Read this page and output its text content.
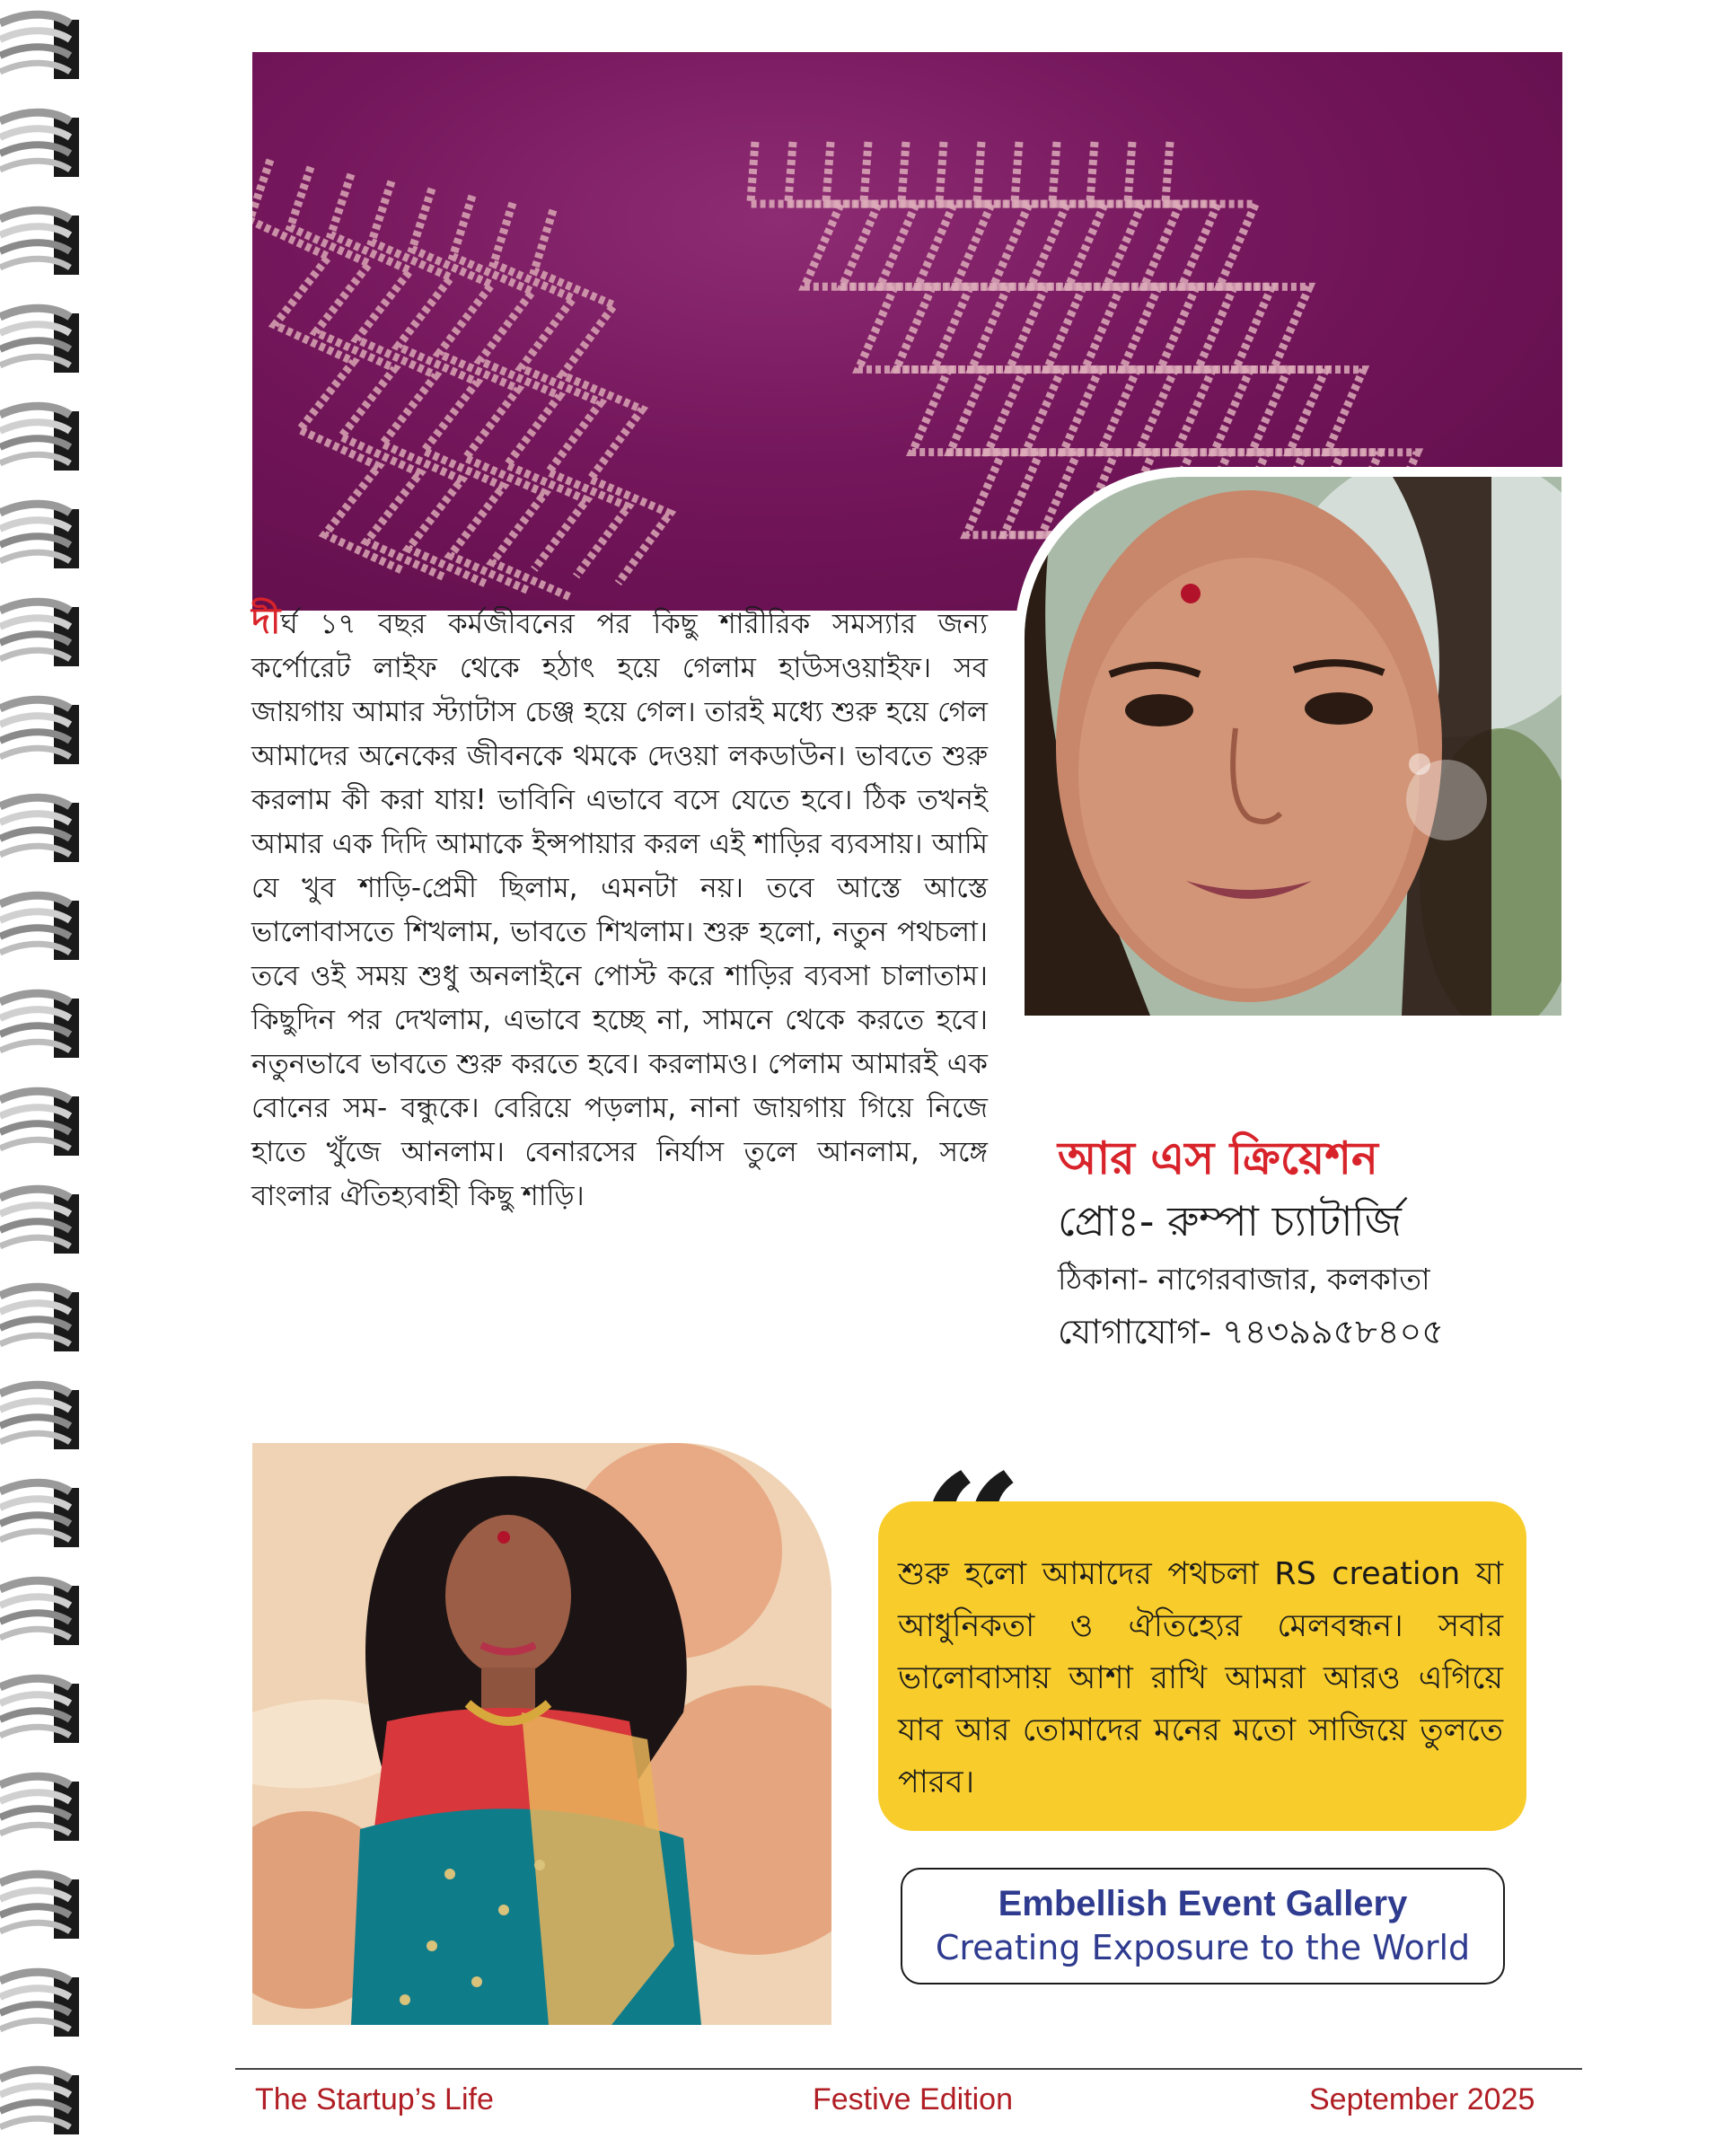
দীর্ঘ ১৭ বছর কর্মজীবনের পর কিছু শারীরিক সমস্যার জন্য কর্পোরেট লাইফ থেকে হঠাৎ হয়ে গেলাম হাউসওয়াইফ। সব জায়গায় আমার স্ট্যাটাস চেঞ্জ হয়ে গেল। তারই মধ্যে শুরু হয়ে গেল আমাদের অনেকের জীবনকে থমকে দেওয়া লকডাউন। ভাবতে শুরু করলাম কী করা যায়! ভাবিনি এভাবে বসে যেতে হবে। ঠিক তখনই আমার এক দিদি আমাকে ইন্সপায়ার করল এই শাড়ির ব্যবসায়। আমি যে খুব শাড়ি-প্রেমী ছিলাম, এমনটা নয়। তবে আস্তে আস্তে ভালোবাসতে শিখলাম, ভাবতে শিখলাম। শুরু হলো, নতুন পথচলা। তবে ওই সময় শুধু অনলাইনে পোস্ট করে শাড়ির ব্যবসা চালাতাম। কিছুদিন পর দেখলাম, এভাবে হচ্ছে না, সামনে থেকে করতে হবে। নতুনভাবে ভাবতে শুরু করতে হবে। করলামও। পেলাম আমারই এক বোনের সম- বন্ধুকে। বেরিয়ে পড়লাম, নানা জায়গায় গিয়ে নিজে হাতে খুঁজে আনলাম। বেনারসের নির্যাস তুলে আনলাম, সঙ্গে বাংলার ঐতিহ্যবাহী কিছু শাড়ি।

আর এস ক্রিয়েশন

প্রোঃ- রুম্পা চ্যাটার্জি

ঠিকানা- নাগেরবাজার, কলকাতা

যোগাযোগ- ৭৪৩৯৯৫৮৪০৫

শুরু হলো আমাদের পথচলা RS creation যা আধুনিকতা ও ঐতিহ্যের মেলবন্ধন। সবার ভালোবাসায় আশা রাখি আমরা আরও এগিয়ে যাব আর তোমাদের মনের মতো সাজিয়ে তুলতে পারব।

Embellish Event Gallery
Creating Exposure to the World
The Startup’s Life	Festive Edition	September 2025
